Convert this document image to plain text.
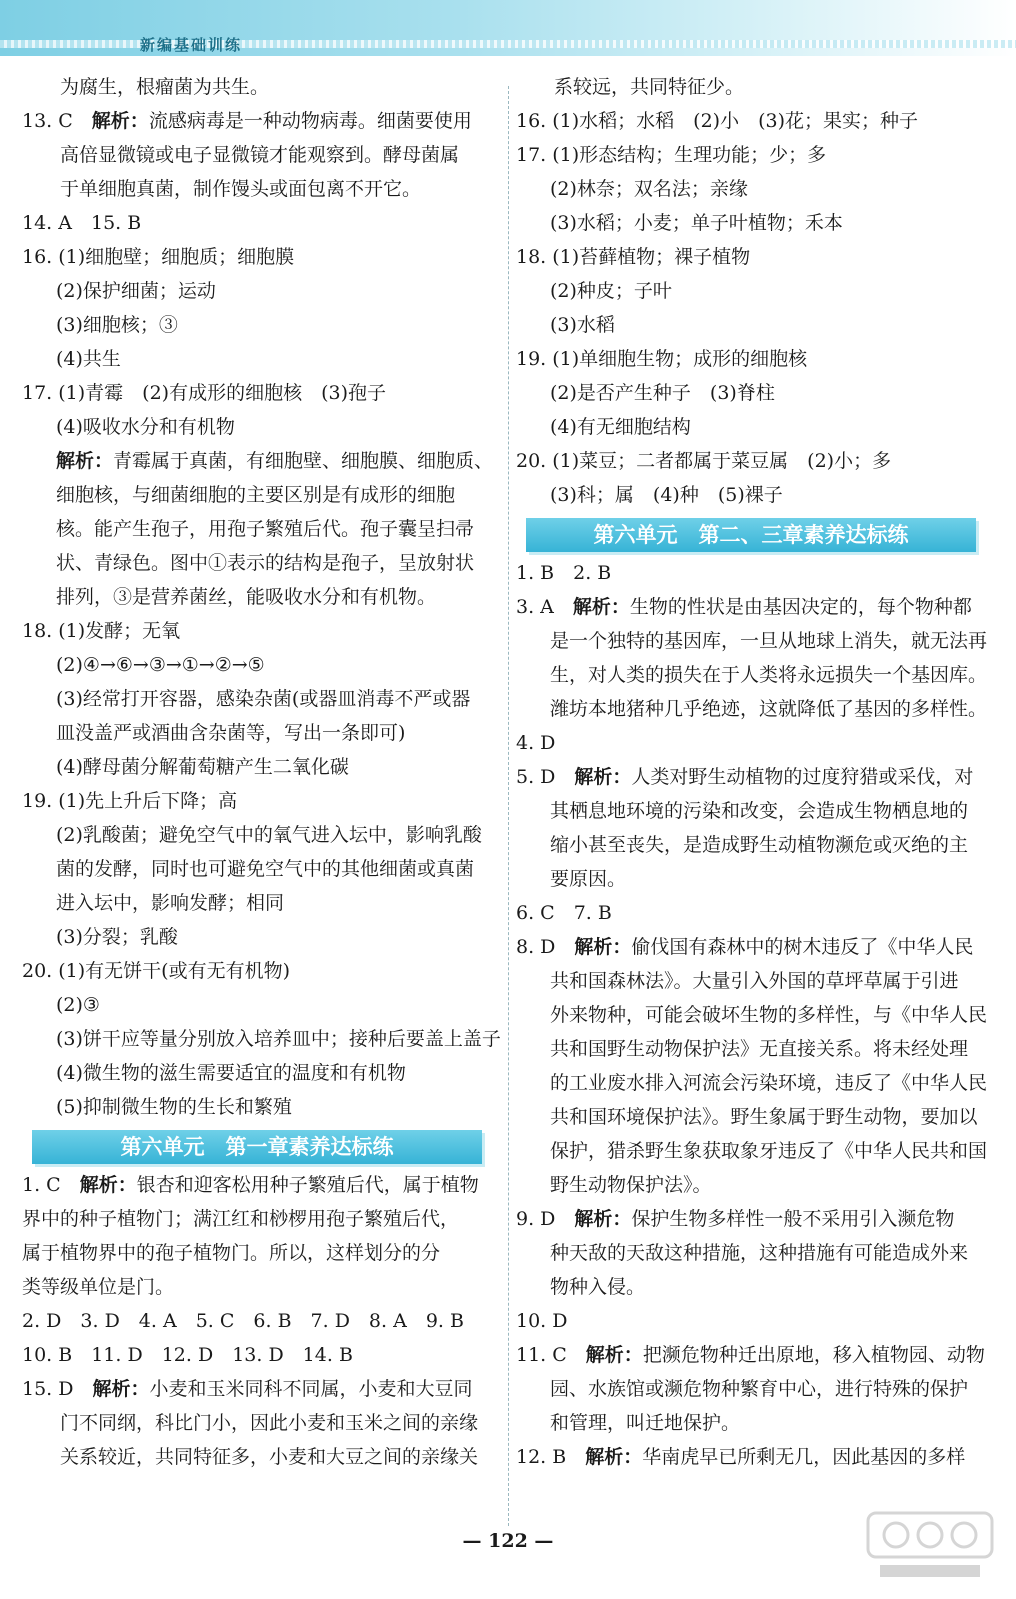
新编基础训练
为腐生，根瘤菌为共生。
13. C　解析：流感病毒是一种动物病毒。细菌要使用
高倍显微镜或电子显微镜才能观察到。酵母菌属
于单细胞真菌，制作馒头或面包离不开它。
14. A　15. B
16. (1)细胞壁；细胞质；细胞膜
(2)保护细菌；运动
(3)细胞核；③
(4)共生
17. (1)青霉　(2)有成形的细胞核　(3)孢子
(4)吸收水分和有机物
解析：青霉属于真菌，有细胞壁、细胞膜、细胞质、
细胞核，与细菌细胞的主要区别是有成形的细胞
核。能产生孢子，用孢子繁殖后代。孢子囊呈扫帚
状、青绿色。图中①表示的结构是孢子，呈放射状
排列，③是营养菌丝，能吸收水分和有机物。
18. (1)发酵；无氧
(2)④→⑥→③→①→②→⑤
(3)经常打开容器，感染杂菌(或器皿消毒不严或器
皿没盖严或酒曲含杂菌等，写出一条即可)
(4)酵母菌分解葡萄糖产生二氧化碳
19. (1)先上升后下降；高
(2)乳酸菌；避免空气中的氧气进入坛中，影响乳酸
菌的发酵，同时也可避免空气中的其他细菌或真菌
进入坛中，影响发酵；相同
(3)分裂；乳酸
20. (1)有无饼干(或有无有机物)
(2)③
(3)饼干应等量分别放入培养皿中；接种后要盖上盖子
(4)微生物的滋生需要适宜的温度和有机物
(5)抑制微生物的生长和繁殖
第六单元　第一章素养达标练
1. C　解析：银杏和迎客松用种子繁殖后代，属于植物
界中的种子植物门；满江红和桫椤用孢子繁殖后代，
属于植物界中的孢子植物门。所以，这样划分的分
类等级单位是门。
2. D　3. D　4. A　5. C　6. B　7. D　8. A　9. B
10. B　11. D　12. D　13. D　14. B
15. D　解析：小麦和玉米同科不同属，小麦和大豆同
门不同纲，科比门小，因此小麦和玉米之间的亲缘
关系较近，共同特征多，小麦和大豆之间的亲缘关
系较远，共同特征少。
16. (1)水稻；水稻　(2)小　(3)花；果实；种子
17. (1)形态结构；生理功能；少；多
(2)林奈；双名法；亲缘
(3)水稻；小麦；单子叶植物；禾本
18. (1)苔藓植物；裸子植物
(2)种皮；子叶
(3)水稻
19. (1)单细胞生物；成形的细胞核
(2)是否产生种子　(3)脊柱
(4)有无细胞结构
20. (1)菜豆；二者都属于菜豆属　(2)小；多
(3)科；属　(4)种　(5)裸子
第六单元　第二、三章素养达标练
1. B　2. B
3. A　解析：生物的性状是由基因决定的，每个物种都
是一个独特的基因库，一旦从地球上消失，就无法再
生，对人类的损失在于人类将永远损失一个基因库。
潍坊本地猪种几乎绝迹，这就降低了基因的多样性。
4. D
5. D　解析：人类对野生动植物的过度狩猎或采伐，对
其栖息地环境的污染和改变，会造成生物栖息地的
缩小甚至丧失，是造成野生动植物濒危或灭绝的主
要原因。
6. C　7. B
8. D　解析：偷伐国有森林中的树木违反了《中华人民
共和国森林法》。大量引入外国的草坪草属于引进
外来物种，可能会破坏生物的多样性，与《中华人民
共和国野生动物保护法》无直接关系。将未经处理
的工业废水排入河流会污染环境，违反了《中华人民
共和国环境保护法》。野生象属于野生动物，要加以
保护，猎杀野生象获取象牙违反了《中华人民共和国
野生动物保护法》。
9. D　解析：保护生物多样性一般不采用引入濒危物
种天敌的天敌这种措施，这种措施有可能造成外来
物种入侵。
10. D
11. C　解析：把濒危物种迁出原地，移入植物园、动物
园、水族馆或濒危物种繁育中心，进行特殊的保护
和管理，叫迁地保护。
12. B　解析：华南虎早已所剩无几，因此基因的多样
— 122 —
